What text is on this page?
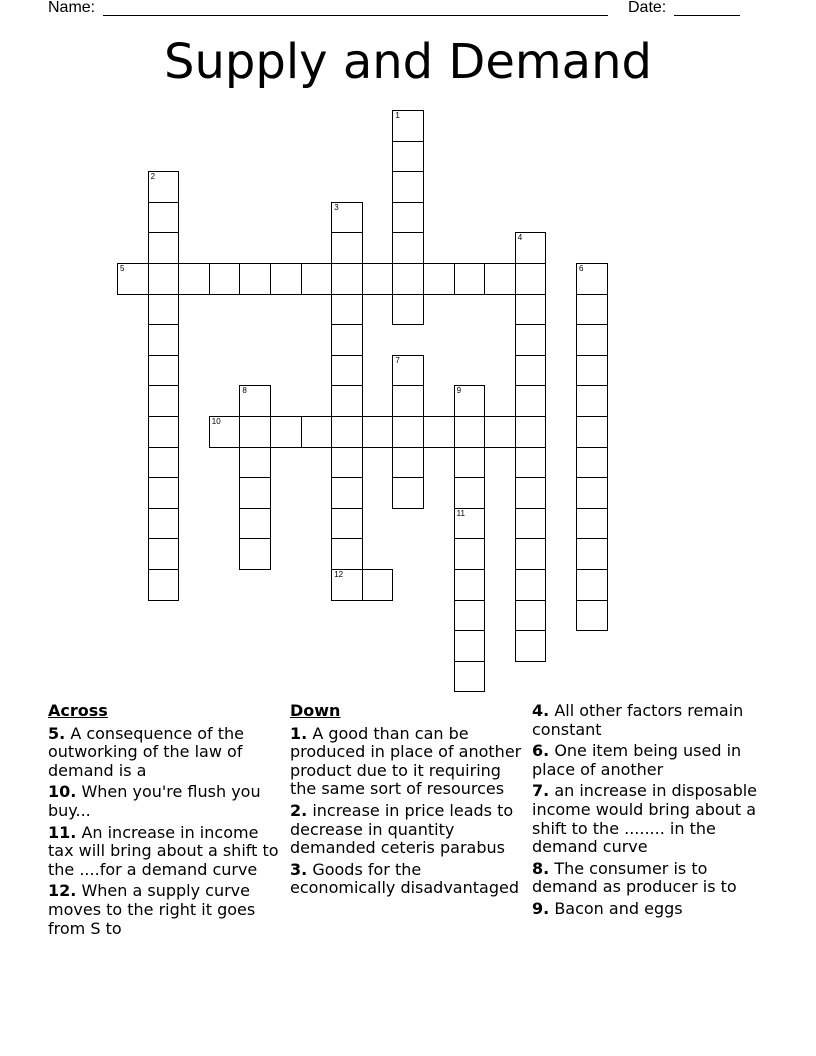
Name:	Date:
Supply and Demand
1
2
3
12
4
5	6
7
8	9
11
10
Across
5. A consequence of the outworking of the law of demand is a
10. When you're flush you buy...
11. An increase in income tax will bring about a shift to the ....for a demand curve
12. When a supply curve moves to the right it goes from S to
Down
1. A good than can be produced in place of another product due to it requiring the same sort of resources
2. increase in price leads to decrease in quantity demanded ceteris parabus
3. Goods for the economically disadvantaged
4. All other factors remain constant
6. One item being used in place of another
7. an increase in disposable income would bring about a shift to the ........ in the demand curve
8. The consumer is to demand as producer is to
9. Bacon and eggs
